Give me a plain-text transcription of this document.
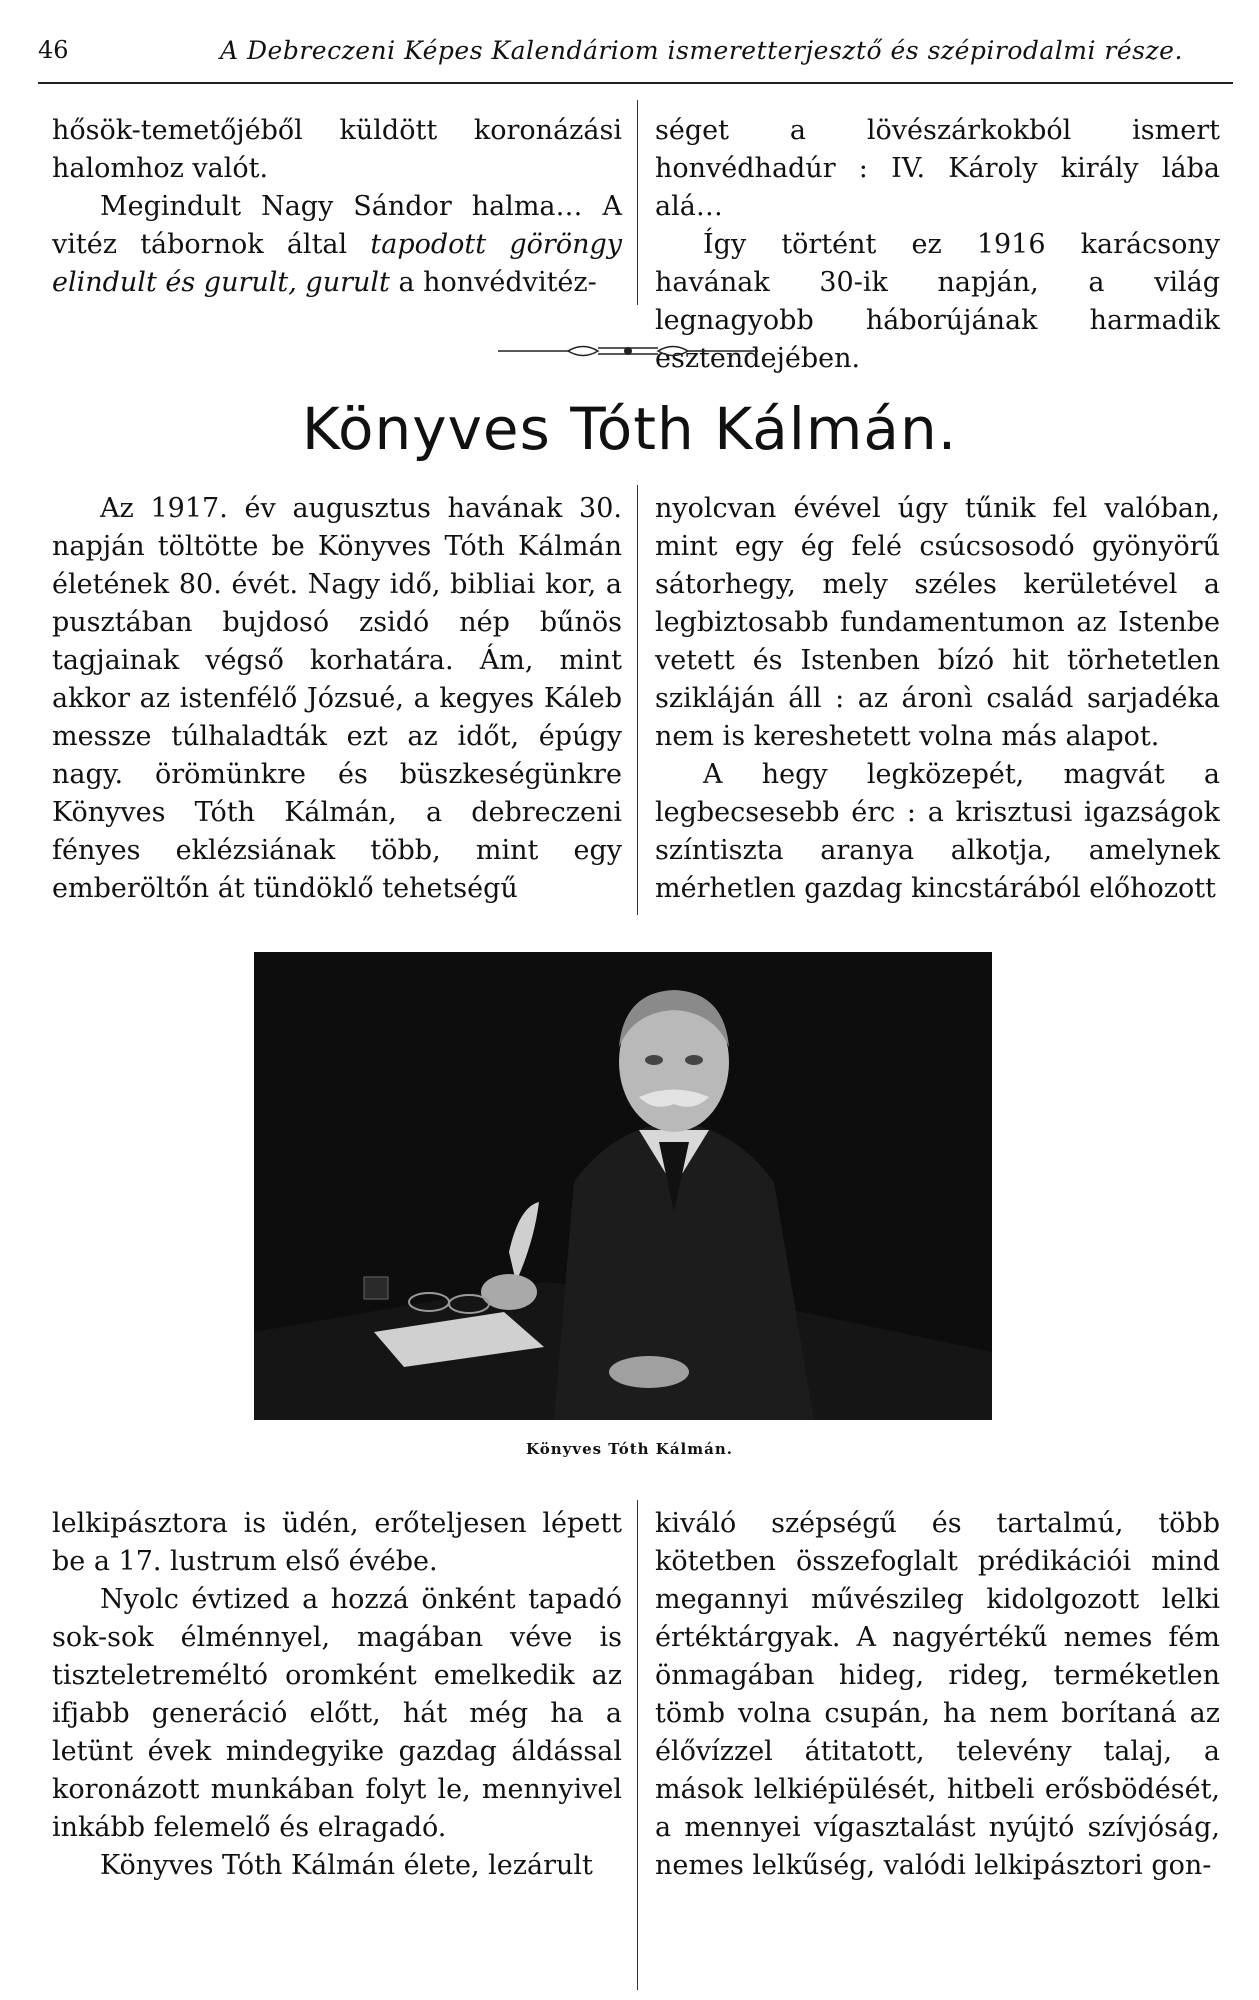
46	A Debreczeni Képes Kalendáriom ismeretterjesztő és szépirodalmi része.

hősök-temetőjéből küldött koronázási halomhoz valót.

Megindult Nagy Sándor halma… A vitéz tábornok által tapodott göröngy elindult és gurult, gurult a honvédvitéz-

séget a lövészárkokból ismert honvédhadúr : IV. Károly király lába alá…

Így történt ez 1916 karácsony havának 30-ik napján, a világ legnagyobb háborújának harmadik esztendejében.

Könyves Tóth Kálmán.

Az 1917. év augusztus havának 30. napján töltötte be Könyves Tóth Kálmán életének 80. évét. Nagy idő, bibliai kor, a pusztában bujdosó zsidó nép bűnös tagjainak végső korhatára. Ám, mint akkor az istenfélő Józsué, a kegyes Káleb messze túlhaladták ezt az időt, épúgy nagy. örömünkre és büszkeségünkre Könyves Tóth Kálmán, a debreczeni fényes eklézsiának több, mint egy emberöltőn át tündöklő tehetségű

nyolcvan évével úgy tűnik fel valóban, mint egy ég felé csúcsosodó gyönyörű sátorhegy, mely széles kerületével a legbiztosabb fundamentumon az Istenbe vetett és Istenben bízó hit törhetetlen szikláján áll : az áronì család sarjadéka nem is kereshetett volna más alapot.

A hegy legközepét, magvát a legbecsesebb érc : a krisztusi igazságok színtiszta aranya alkotja, amelynek mérhetlen gazdag kincstárából előhozott

Könyves Tóth Kálmán.

lelkipásztora is üdén, erőteljesen lépett be a 17. lustrum első évébe.

Nyolc évtized a hozzá önként tapadó sok-sok élménnyel, magában véve is tiszteletreméltó oromként emelkedik az ifjabb generáció előtt, hát még ha a letünt évek mindegyike gazdag áldással koronázott munkában folyt le, mennyivel inkább felemelő és elragadó.

Könyves Tóth Kálmán élete, lezárult

kiváló szépségű és tartalmú, több kötetben összefoglalt prédikációi mind megannyi művészileg kidolgozott lelki értéktárgyak. A nagyértékű nemes fém önmagában hideg, rideg, terméketlen tömb volna csupán, ha nem borítaná az élővízzel átitatott, televény talaj, a mások lelkiépülését, hitbeli erősbödését, a mennyei vígasztalást nyújtó szívjóság, nemes lelkűség, valódi lelkipásztori gon-
